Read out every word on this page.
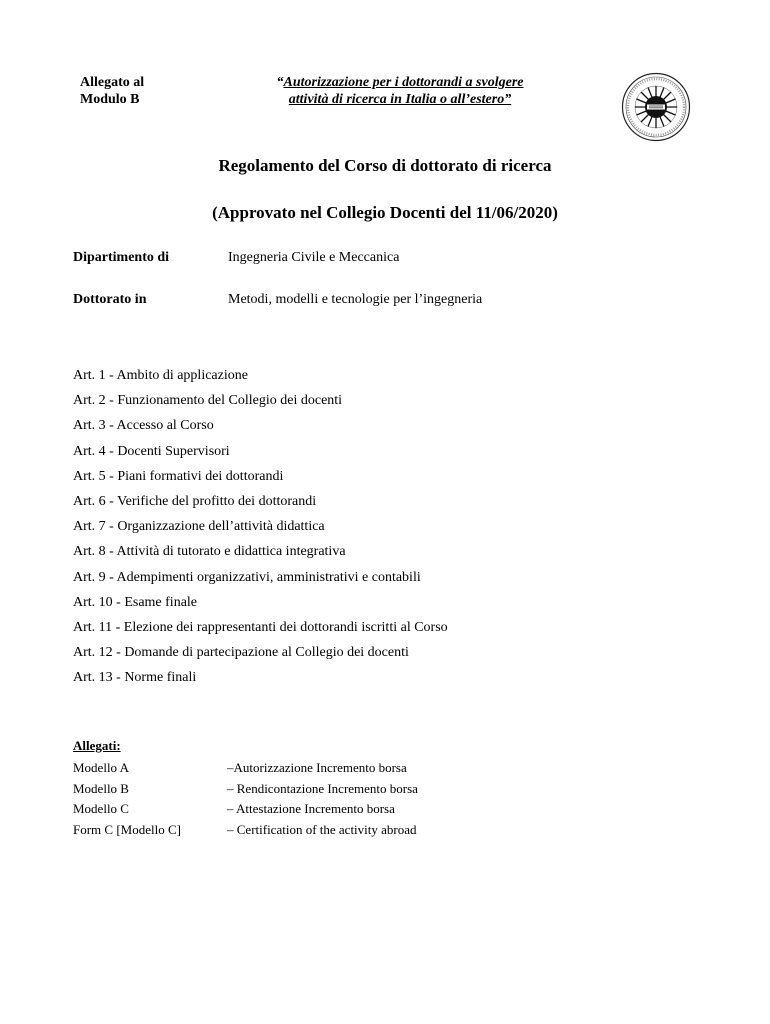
Allegato al
Modulo B
“Autorizzazione per i dottorandi a svolgere
attività di ricerca in Italia o all’estero”
Regolamento del Corso di dottorato di ricerca
(Approvato nel Collegio Docenti del 11/06/2020)
Dipartimento di	Ingegneria Civile e Meccanica
Dottorato in	Metodi, modelli e tecnologie per l’ingegneria
Art. 1 - Ambito di applicazione
Art. 2 - Funzionamento del Collegio dei docenti
Art. 3 - Accesso al Corso
Art. 4 - Docenti Supervisori
Art. 5 - Piani formativi dei dottorandi
Art. 6 - Verifiche del profitto dei dottorandi
Art. 7 - Organizzazione dell’attività didattica
Art. 8 - Attività di tutorato e didattica integrativa
Art. 9 - Adempimenti organizzativi, amministrativi e contabili
Art. 10 - Esame finale
Art. 11 - Elezione dei rappresentanti dei dottorandi iscritti al Corso
Art. 12 - Domande di partecipazione al Collegio dei docenti
Art. 13 - Norme finali
Allegati:
Modello A	–Autorizzazione Incremento borsa
Modello B	– Rendicontazione Incremento borsa
Modello C	– Attestazione Incremento borsa
Form C [Modello C]	– Certification of the activity abroad
